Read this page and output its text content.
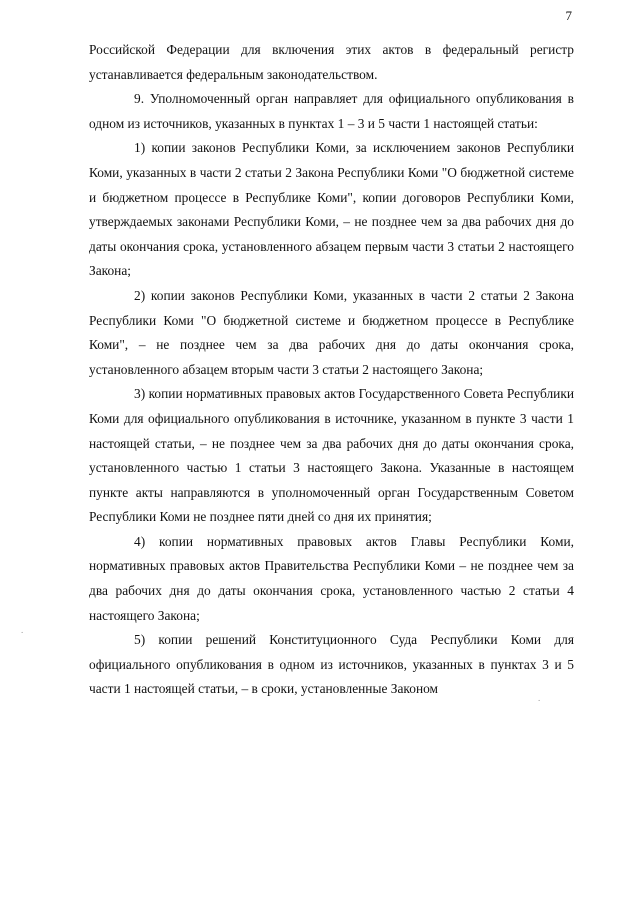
7

Российской Федерации для включения этих актов в федеральный регистр устанавливается федеральным законодательством.

9. Уполномоченный орган направляет для официального опубликования в одном из источников, указанных в пунктах 1 – 3 и 5 части 1 настоящей статьи:

1) копии законов Республики Коми, за исключением законов Республики Коми, указанных в части 2 статьи 2 Закона Республики Коми "О бюджетной системе и бюджетном процессе в Республике Коми", копии договоров Республики Коми, утверждаемых законами Республики Коми, – не позднее чем за два рабочих дня до даты окончания срока, установленного абзацем первым части 3 статьи 2 настоящего Закона;

2) копии законов Республики Коми, указанных в части 2 статьи 2 Закона Республики Коми "О бюджетной системе и бюджетном процессе в Республике Коми", – не позднее чем за два рабочих дня до даты окончания срока, установленного абзацем вторым части 3 статьи 2 настоящего Закона;

3) копии нормативных правовых актов Государственного Совета Республики Коми для официального опубликования в источнике, указанном в пункте 3 части 1 настоящей статьи, – не позднее чем за два рабочих дня до даты окончания срока, установленного частью 1 статьи 3 настоящего Закона. Указанные в настоящем пункте акты направляются в уполномоченный орган Государственным Советом Республики Коми не позднее пяти дней со дня их принятия;

4) копии нормативных правовых актов Главы Республики Коми, нормативных правовых актов Правительства Республики Коми – не позднее чем за два рабочих дня до даты окончания срока, установленного частью 2 статьи 4 настоящего Закона;

5) копии решений Конституционного Суда Республики Коми для официального опубликования в одном из источников, указанных в пунктах 3 и 5 части 1 настоящей статьи, – в сроки, установленные Законом

.
.
